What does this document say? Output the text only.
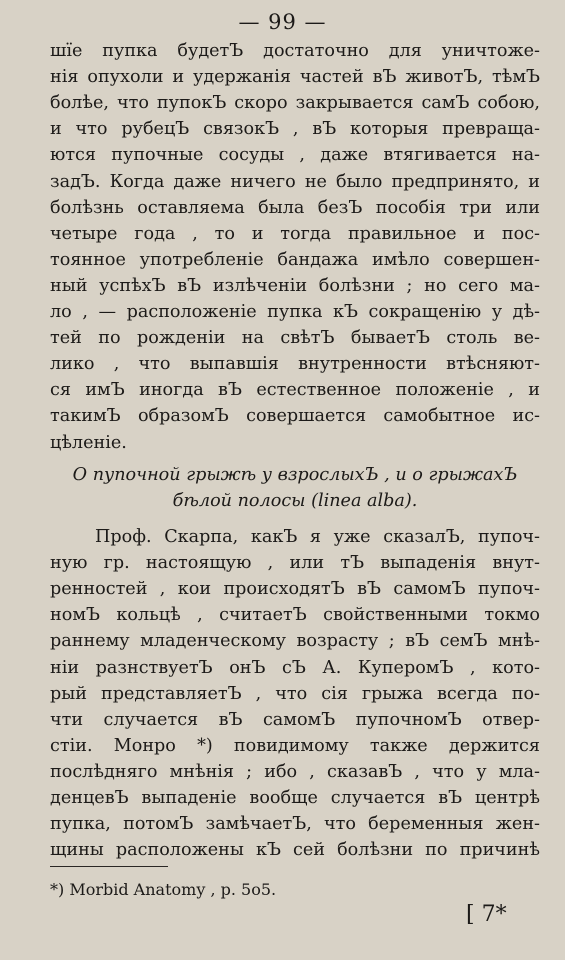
— 99 —
шїе пупка будетЪ достаточно для уничтоже-
нія опухоли и удержанія частей вЪ животЪ, тѣмЪ
болѣе, что пупокЪ скоро закрывается самЪ собою,
и что рубецЪ связокЪ , вЪ которыя превраща-
ются пупочные сосуды , даже втягивается на-
задЪ. Когда даже ничего не было предпринято, и
болѣзнь оставляема была безЪ пособія три или
четыре года , то и тогда правильное и пос-
тоянное употребленіе бандажа имѣло совершен-
ный успѣхЪ вЪ излѣченіи болѣзни ; но сего ма-
ло , — расположеніе пупка кЪ сокращенію у дѣ-
тей по рожденіи на свѣтЪ бываетЪ столь ве-
лико , что выпавшія внутренности втѣсняют-
ся имЪ иногда вЪ естественное положеніе , и
такимЪ образомЪ совершается самобытное ис-
цѣленіе.
О пупочной грыжѣ у взрослыхЪ , и о грыжахЪ
бѣлой полосы (linea alba).
Проф. Скарпа, какЪ я уже сказалЪ, пупоч-
ную гр. настоящую , или тЪ выпаденія внут-
ренностей , кои происходятЪ вЪ самомЪ пупоч-
номЪ кольцѣ , считаетЪ свойственными токмо
раннему младенческому возрасту ; вЪ семЪ мнѣ-
ніи разнствуетЪ онЪ сЪ А. КуперомЪ , кото-
рый представляетЪ , что сія грыжа всегда по-
чти случается вЪ самомЪ пупочномЪ отвер-
стіи. Монро *) повидимому также держится
послѣдняго мнѣнія ; ибо , сказавЪ , что у мла-
денцевЪ выпаденіе вообще случается вЪ центрѣ
пупка, потомЪ замѣчаетЪ, что беременныя жен-
щины расположены кЪ сей болѣзни по причинѣ
*) Morbid Anatomy , p. 5o5.
[ 7*
